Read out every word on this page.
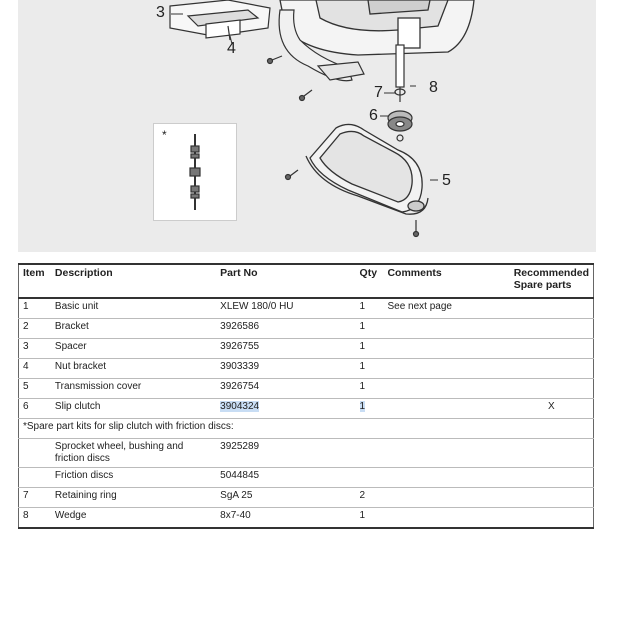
3
4
7	8
6
5
*
Item	Description	Part No	Qty	Comments	Recommended Spare parts
1	Basic unit	XLEW 180/0 HU	1	See next page	
2	Bracket	3926586	1		
3	Spacer	3926755	1		
4	Nut bracket	3903339	1		
5	Transmission cover	3926754	1		
6	Slip clutch	3904324	1		X
*Spare part kits for slip clutch with friction discs:					
	Sprocket wheel, bushing and friction discs	3925289			
	Friction discs	5044845			
7	Retaining ring	SgA 25	2		
8	Wedge	8x7-40	1		
